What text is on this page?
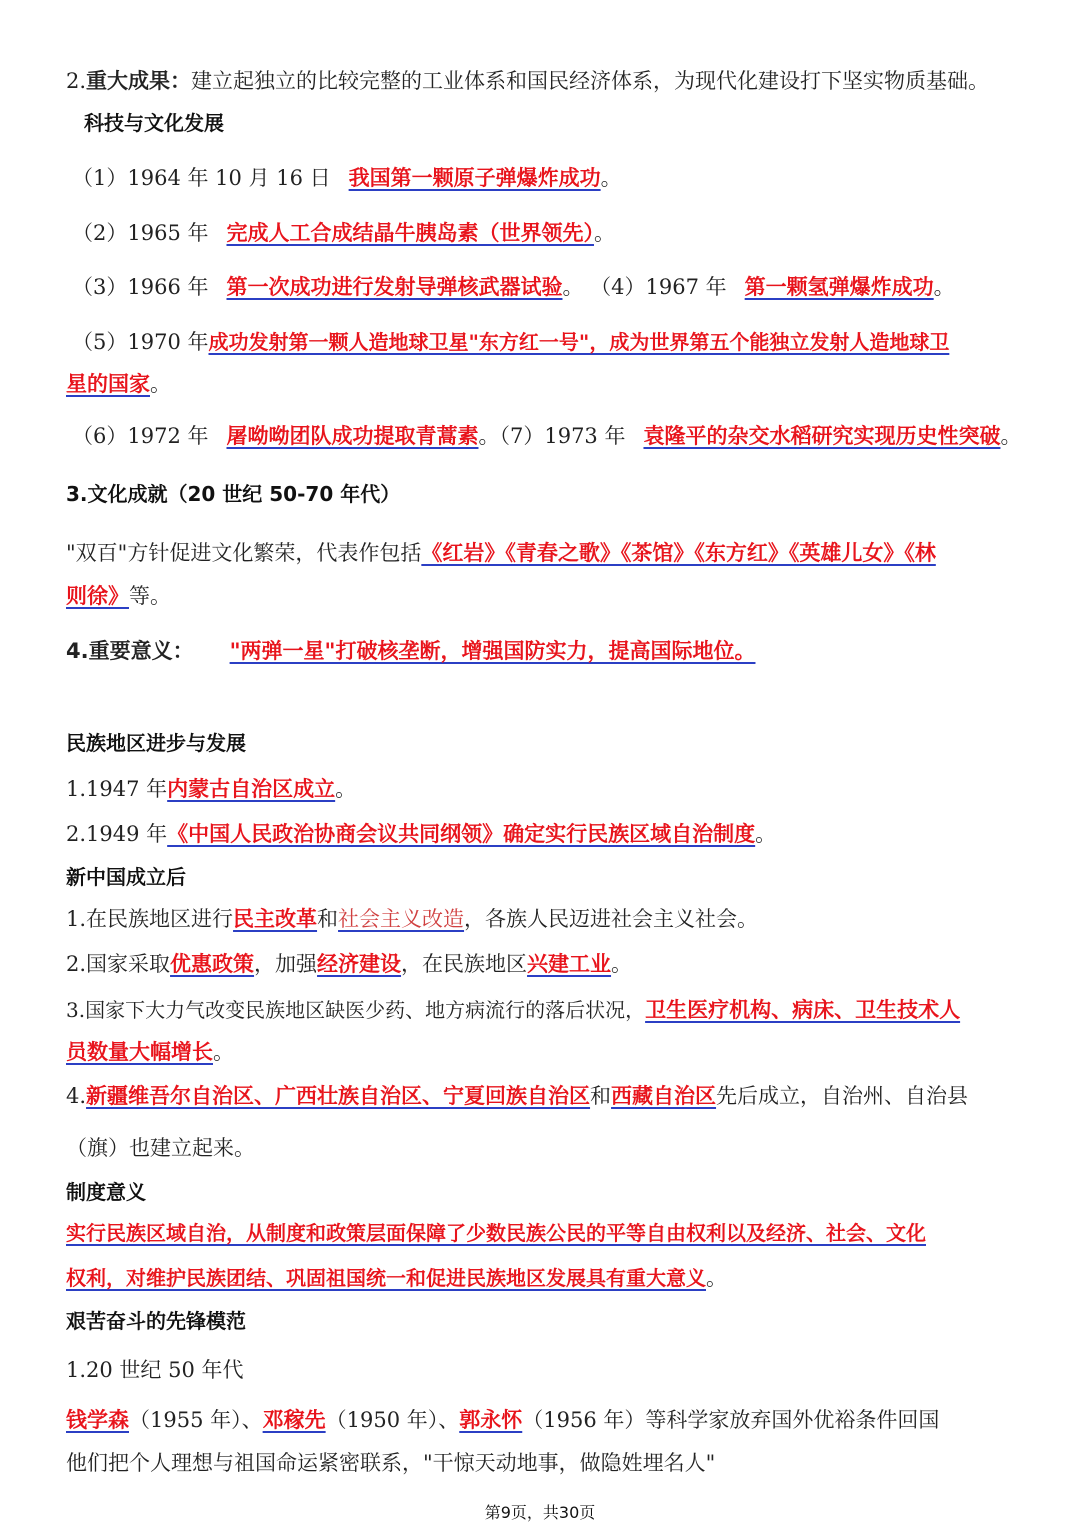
2.重大成果：建立起独立的比较完整的工业体系和国民经济体系，为现代化建设打下坚实物质基础。
科技与文化发展
（1）1964 年 10 月 16 日 我国第一颗原子弹爆炸成功。
（2）1965 年 完成人工合成结晶牛胰岛素（世界领先）。
（3）1966 年 第一次成功进行发射导弹核武器试验。 （4）1967 年 第一颗氢弹爆炸成功。
（5）1970 年成功发射第一颗人造地球卫星"东方红一号"，成为世界第五个能独立发射人造地球卫
星的国家。
（6）1972 年 屠呦呦团队成功提取青蒿素。（7）1973 年 袁隆平的杂交水稻研究实现历史性突破。
3.文化成就（20 世纪 50-70 年代）
"双百"方针促进文化繁荣，代表作包括《红岩》《青春之歌》《茶馆》《东方红》《英雄儿女》《林
则徐》等。
4.重要意义： "两弹一星"打破核垄断，增强国防实力，提高国际地位。
民族地区进步与发展
1.1947 年内蒙古自治区成立。
2.1949 年《中国人民政治协商会议共同纲领》确定实行民族区域自治制度。
新中国成立后
1.在民族地区进行民主改革和社会主义改造，各族人民迈进社会主义社会。
2.国家采取优惠政策，加强经济建设，在民族地区兴建工业。
3.国家下大力气改变民族地区缺医少药、地方病流行的落后状况，卫生医疗机构、病床、卫生技术人
员数量大幅增长。
4.新疆维吾尔自治区、广西壮族自治区、宁夏回族自治区和西藏自治区先后成立，自治州、自治县
（旗）也建立起来。
制度意义
实行民族区域自治，从制度和政策层面保障了少数民族公民的平等自由权利以及经济、社会、文化
权利，对维护民族团结、巩固祖国统一和促进民族地区发展具有重大意义。
艰苦奋斗的先锋模范
1.20 世纪 50 年代
钱学森（1955 年）、邓稼先（1950 年）、郭永怀（1956 年）等科学家放弃国外优裕条件回国
他们把个人理想与祖国命运紧密联系，"干惊天动地事，做隐姓埋名人"
第9页，共30页
